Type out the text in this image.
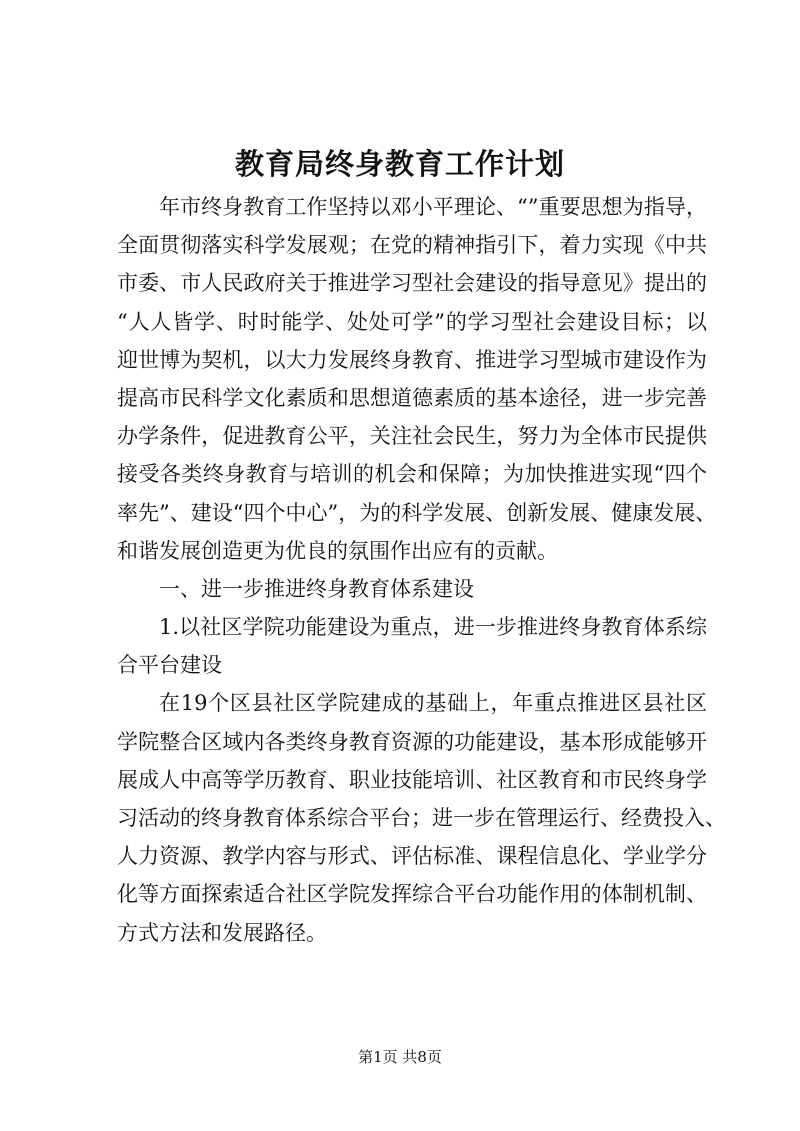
教育局终身教育工作计划
年市终身教育工作坚持以邓小平理论、“”重要思想为指导，
全面贯彻落实科学发展观；在党的精神指引下，着力实现《中共
市委、市人民政府关于推进学习型社会建设的指导意见》提出的
“人人皆学、时时能学、处处可学”的学习型社会建设目标；以
迎世博为契机，以大力发展终身教育、推进学习型城市建设作为
提高市民科学文化素质和思想道德素质的基本途径，进一步完善
办学条件，促进教育公平，关注社会民生，努力为全体市民提供
接受各类终身教育与培训的机会和保障；为加快推进实现“四个
率先”、建设“四个中心”，为的科学发展、创新发展、健康发展、
和谐发展创造更为优良的氛围作出应有的贡献。
一、进一步推进终身教育体系建设
1.以社区学院功能建设为重点，进一步推进终身教育体系综
合平台建设
在19个区县社区学院建成的基础上，年重点推进区县社区
学院整合区域内各类终身教育资源的功能建设，基本形成能够开
展成人中高等学历教育、职业技能培训、社区教育和市民终身学
习活动的终身教育体系综合平台；进一步在管理运行、经费投入、
人力资源、教学内容与形式、评估标准、课程信息化、学业学分
化等方面探索适合社区学院发挥综合平台功能作用的体制机制、
方式方法和发展路径。
第1页 共8页
